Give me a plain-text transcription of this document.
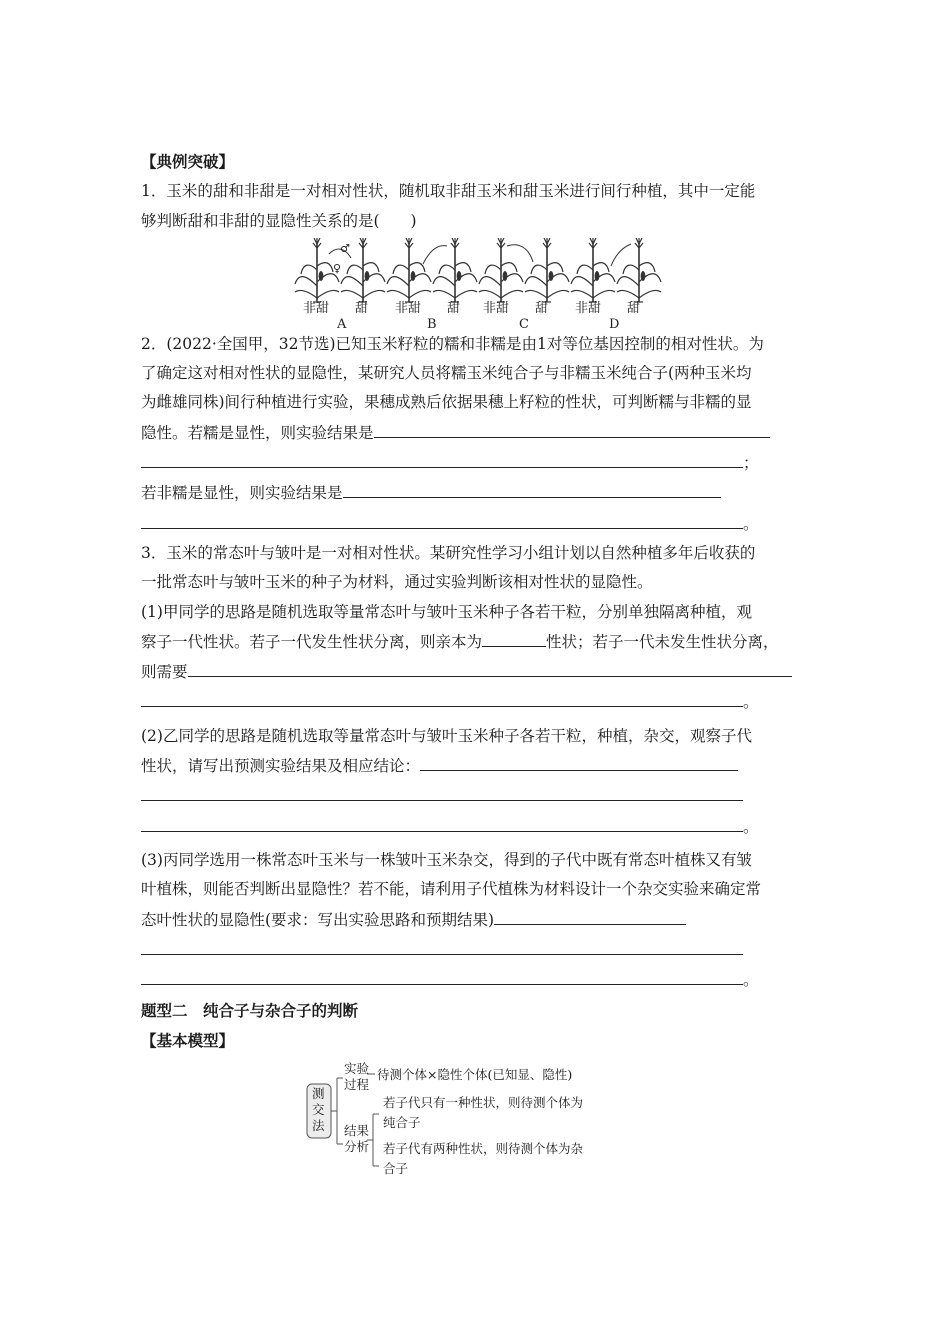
【典例突破】

1．玉米的甜和非甜是一对相对性状，随机取非甜玉米和甜玉米进行间行种植，其中一定能

够判断甜和非甜的显隐性关系的是(　　)

♂
♀
非甜 甜
A
非甜 甜
B
非甜 甜
C
非甜 甜
D

2．(2022·全国甲，32节选)已知玉米籽粒的糯和非糯是由1对等位基因控制的相对性状。为

了确定这对相对性状的显隐性，某研究人员将糯玉米纯合子与非糯玉米纯合子(两种玉米均

为雌雄同株)间行种植进行实验，果穗成熟后依据果穗上籽粒的性状，可判断糯与非糯的显

隐性。若糯是显性，则实验结果是

；

若非糯是显性，则实验结果是

。

3．玉米的常态叶与皱叶是一对相对性状。某研究性学习小组计划以自然种植多年后收获的

一批常态叶与皱叶玉米的种子为材料，通过实验判断该相对性状的显隐性。

(1)甲同学的思路是随机选取等量常态叶与皱叶玉米种子各若干粒，分别单独隔离种植，观

察子一代性状。若子一代发生性状分离，则亲本为	性状；若子一代未发生性状分离，

则需要

。

(2)乙同学的思路是随机选取等量常态叶与皱叶玉米种子各若干粒，种植，杂交，观察子代

性状，请写出预测实验结果及相应结论：

。

(3)丙同学选用一株常态叶玉米与一株皱叶玉米杂交，得到的子代中既有常态叶植株又有皱

叶植株，则能否判断出显隐性？若不能，请利用子代植株为材料设计一个杂交实验来确定常

态叶性状的显隐性(要求：写出实验思路和预期结果)

。

题型二　纯合子与杂合子的判断

【基本模型】

测交法
实验
过程
待测个体×隐性个体(已知显、隐性)
结果
分析
若子代只有一种性状，则待测个体为
纯合子
若子代有两种性状，则待测个体为杂
合子
